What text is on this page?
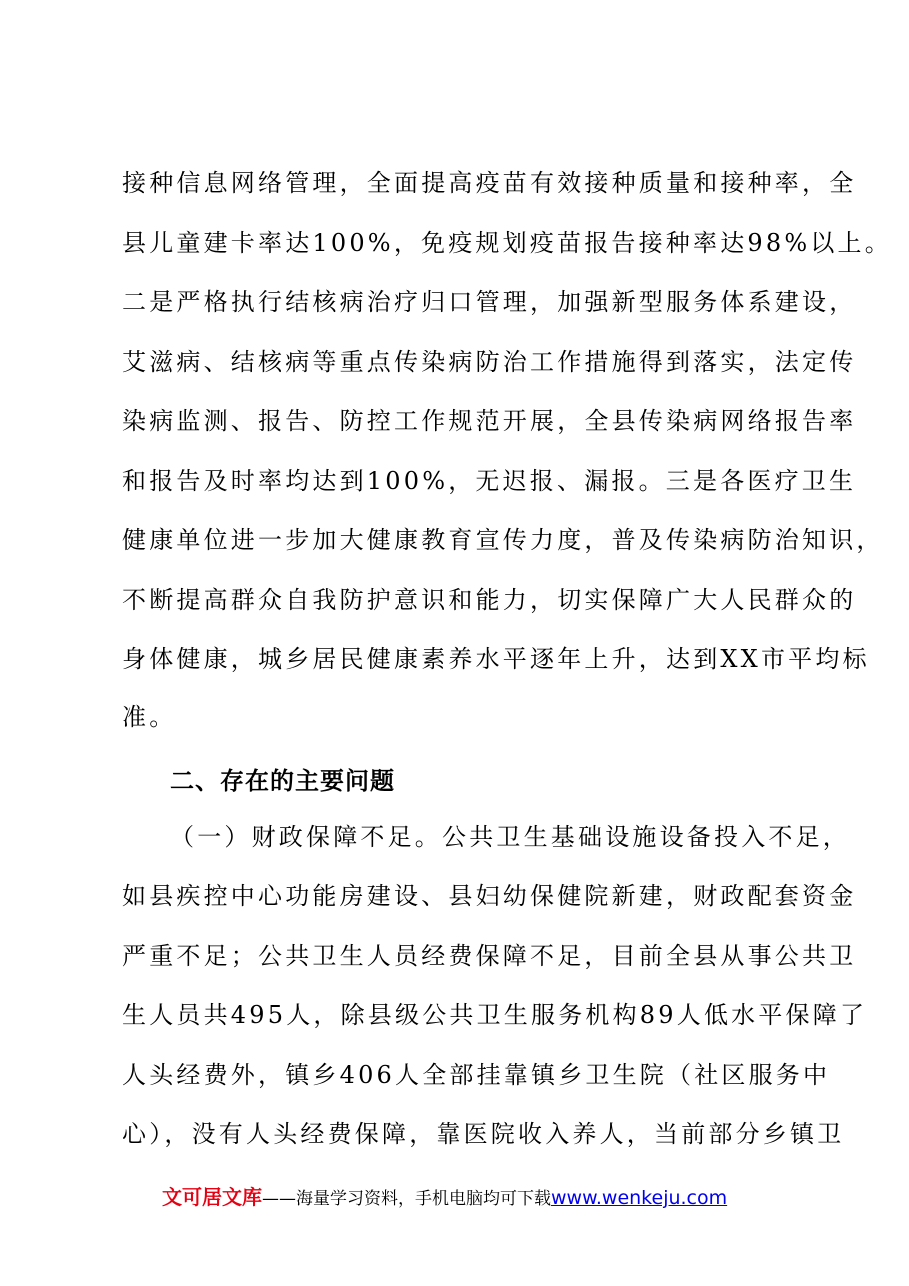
接种信息网络管理，全面提高疫苗有效接种质量和接种率，全
县儿童建卡率达100%，免疫规划疫苗报告接种率达98%以上。
二是严格执行结核病治疗归口管理，加强新型服务体系建设，
艾滋病、结核病等重点传染病防治工作措施得到落实，法定传
染病监测、报告、防控工作规范开展，全县传染病网络报告率
和报告及时率均达到100%，无迟报、漏报。三是各医疗卫生
健康单位进一步加大健康教育宣传力度，普及传染病防治知识，
不断提高群众自我防护意识和能力，切实保障广大人民群众的
身体健康，城乡居民健康素养水平逐年上升，达到XX市平均标
准。
二、存在的主要问题
（一）财政保障不足。公共卫生基础设施设备投入不足，
如县疾控中心功能房建设、县妇幼保健院新建，财政配套资金
严重不足；公共卫生人员经费保障不足，目前全县从事公共卫
生人员共495人，除县级公共卫生服务机构89人低水平保障了
人头经费外，镇乡406人全部挂靠镇乡卫生院（社区服务中
心），没有人头经费保障，靠医院收入养人，当前部分乡镇卫
文可居文库——海量学习资料，手机电脑均可下载www.wenkeju.com
